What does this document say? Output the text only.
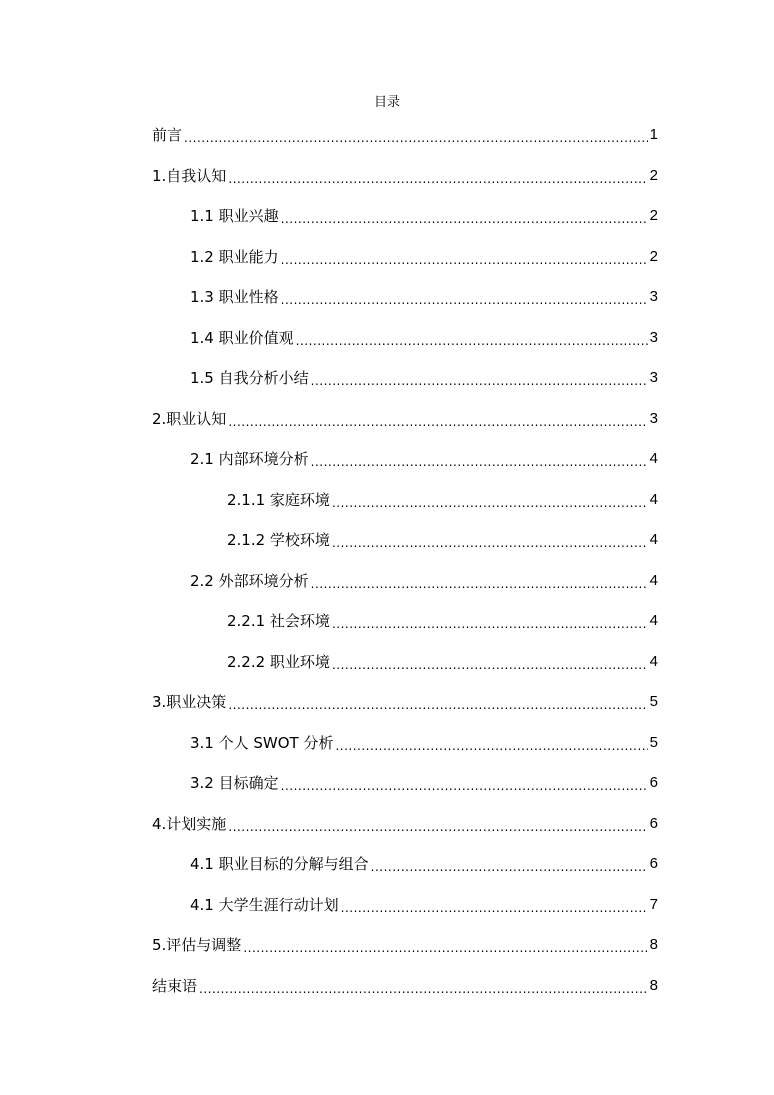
目录
前言 .....	1
1.自我认知 .....	2
1.1 职业兴趣 .....	2
1.2 职业能力 .....	2
1.3 职业性格 .....	3
1.4 职业价值观 .....	3
1.5 自我分析小结 .....	3
2.职业认知 .....	3
2.1 内部环境分析 .....	4
2.1.1 家庭环境 .....	4
2.1.2 学校环境 .....	4
2.2 外部环境分析 .....	4
2.2.1 社会环境 .....	4
2.2.2 职业环境 .....	4
3.职业决策 .....	5
3.1 个人 SWOT 分析 .....	5
3.2 目标确定 .....	6
4.计划实施 .....	6
4.1 职业目标的分解与组合 .....	6
4.1 大学生涯行动计划 .....	7
5.评估与调整 .....	8
结束语 .....	8
